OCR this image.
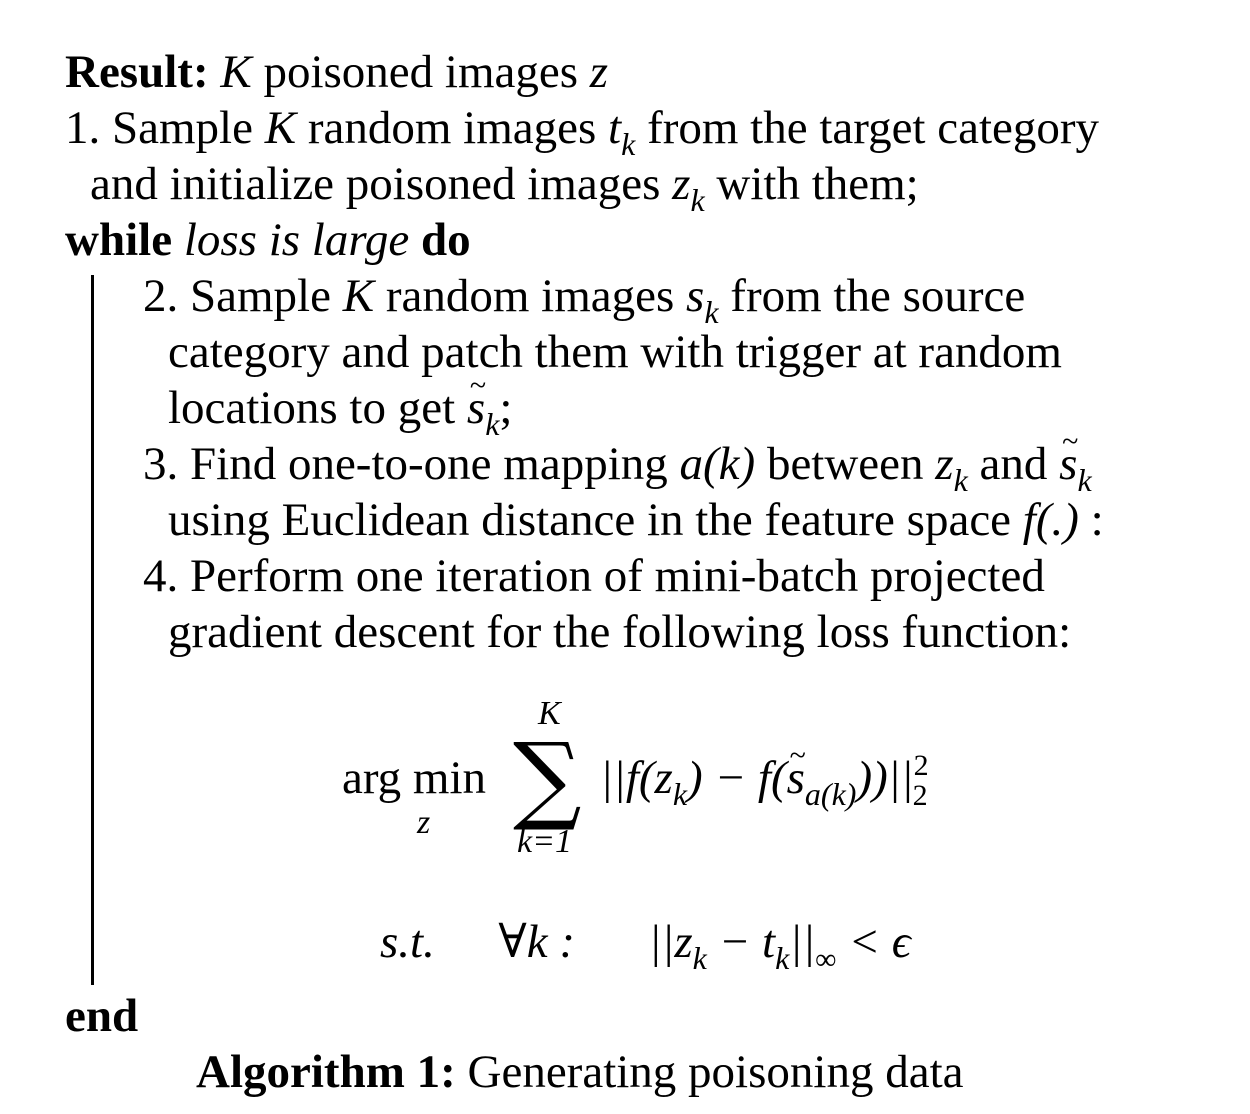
Result: K poisoned images z
1. Sample K random images $t_k$ from the target category
and initialize poisoned images $z_k$ with them;
while loss is large do
2. Sample K random images $s_k$ from the source
category and patch them with trigger at random
locations to get ~ $s_k$;
3. Find one-to-one mapping a(k) between $z_k$ and ~ $s_k$
using Euclidean distance in the feature space f(.) :
4. Perform one iteration of mini-batch projected
gradient descent for the following loss function:
arg min
z
K
∑
k=1
$||f(z_k)$ − f(~ $s_{a(k)}))||^2_2$
s.t. ∀k : $||z_k - t_k||_\infty < \epsilon$
end
Algorithm 1: Generating poisoning data
